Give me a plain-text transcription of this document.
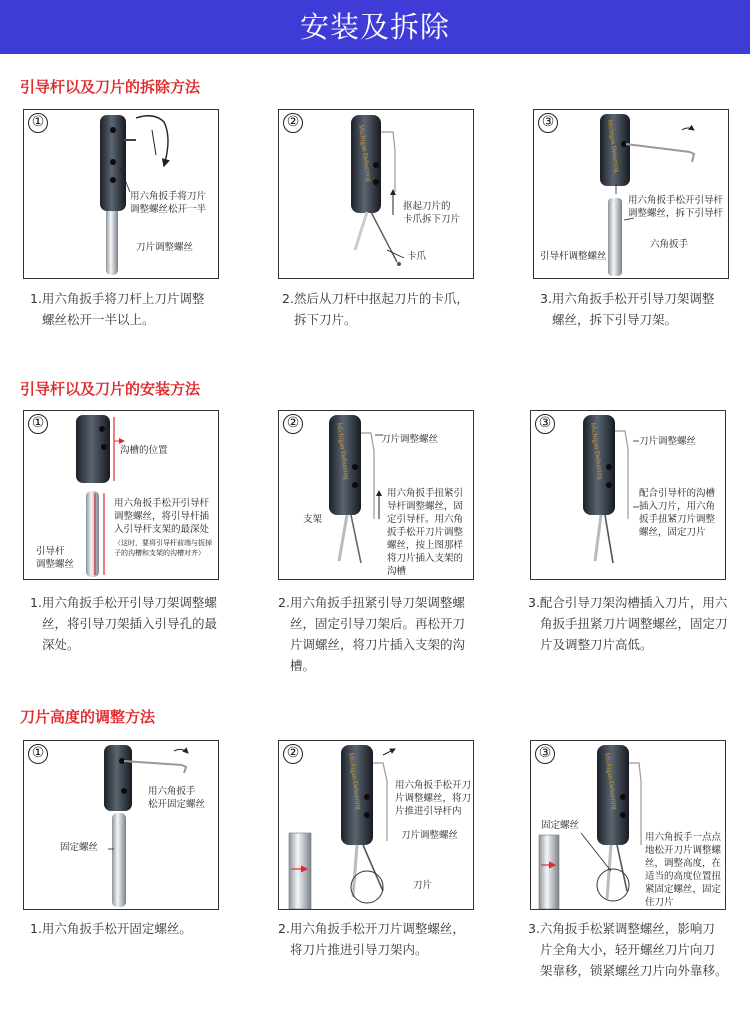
安装及拆除
引导杆以及刀片的拆除方法
①
用六角扳手将刀片
调整螺丝松开一半
刀片调整螺丝
Michigan Deburring
②
抠起刀片的
卡爪拆下刀片
卡爪
Michigan Deburring
③
用六角扳手松开引导杆
调整螺丝，拆下引导杆
六角扳手
引导杆调整螺丝
1.用六角扳手将刀杆上刀片调整
螺丝松开一半以上。
2.然后从刀杆中抠起刀片的卡爪，
拆下刀片。
3.用六角扳手松开引导刀架调整
螺丝，拆下引导刀架。
引导杆以及刀片的安装方法
①
沟槽的位置
用六角扳手松开引导杆
调整螺丝，将引导杆插
入引导杆支架的最深处
（这时，要将引导杆前端与扳掉
子的沟槽和支架的沟槽对齐）
引导杆
调整螺丝
Michigan Deburring
②
刀片调整螺丝
用六角扳手扭紧引
导杆调整螺丝，固
定引导杆。用六角
扳手松开刀片调整
螺丝，按上图那样
将刀片插入支架的
沟槽
支架
Michigan Deburring
③
刀片调整螺丝
配合引导杆的沟槽
插入刀片，用六角
扳手扭紧刀片调整
螺丝，固定刀片
1.用六角扳手松开引导刀架调整螺
丝，将引导刀架插入引导孔的最
深处。
2.用六角扳手扭紧引导刀架调整螺
丝，固定引导刀架后。再松开刀
片调螺丝，将刀片插入支架的沟
槽。
3.配合引导刀架沟槽插入刀片，用六
角扳手扭紧刀片调整螺丝，固定刀
片及调整刀片高低。
刀片高度的调整方法
①
用六角扳手
松开固定螺丝
固定螺丝
Michigan Deburring
②
用六角扳手松开刀
片调整螺丝，将刀
片推进引导杆内
刀片调整螺丝
刀片
Michigan Deburring
③
固定螺丝
用六角扳手一点点
地松开刀片调整螺
丝，调整高度，在
适当的高度位置扭
紧固定螺丝，固定
住刀片
1.用六角扳手松开固定螺丝。	2.用六角扳手松开刀片调整螺丝，
将刀片推进引导刀架内。
3.六角扳手松紧调整螺丝，影响刀
片全角大小，轻开螺丝刀片向刀
架靠移，锁紧螺丝刀片向外靠移。
